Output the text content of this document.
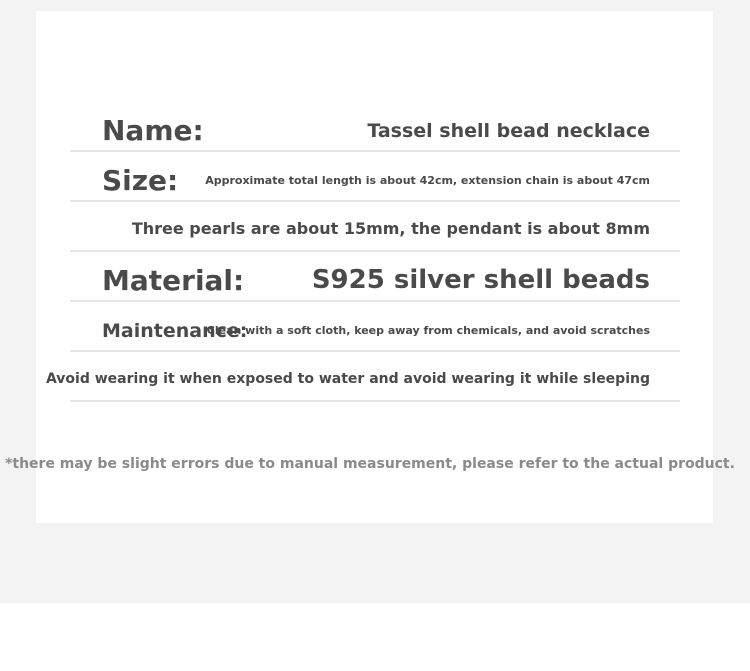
Name:	Tassel shell bead necklace
Size: Approximate total length is about 42cm, extension chain is about 47cm
Three pearls are about 15mm, the pendant is about 8mm
Material:	S925 silver shell beads
Maintenance:
Clean with a soft cloth, keep away from chemicals, and avoid scratches
Avoid wearing it when exposed to water and avoid wearing it while sleeping
*there may be slight errors due to manual measurement, please refer to the actual product.
